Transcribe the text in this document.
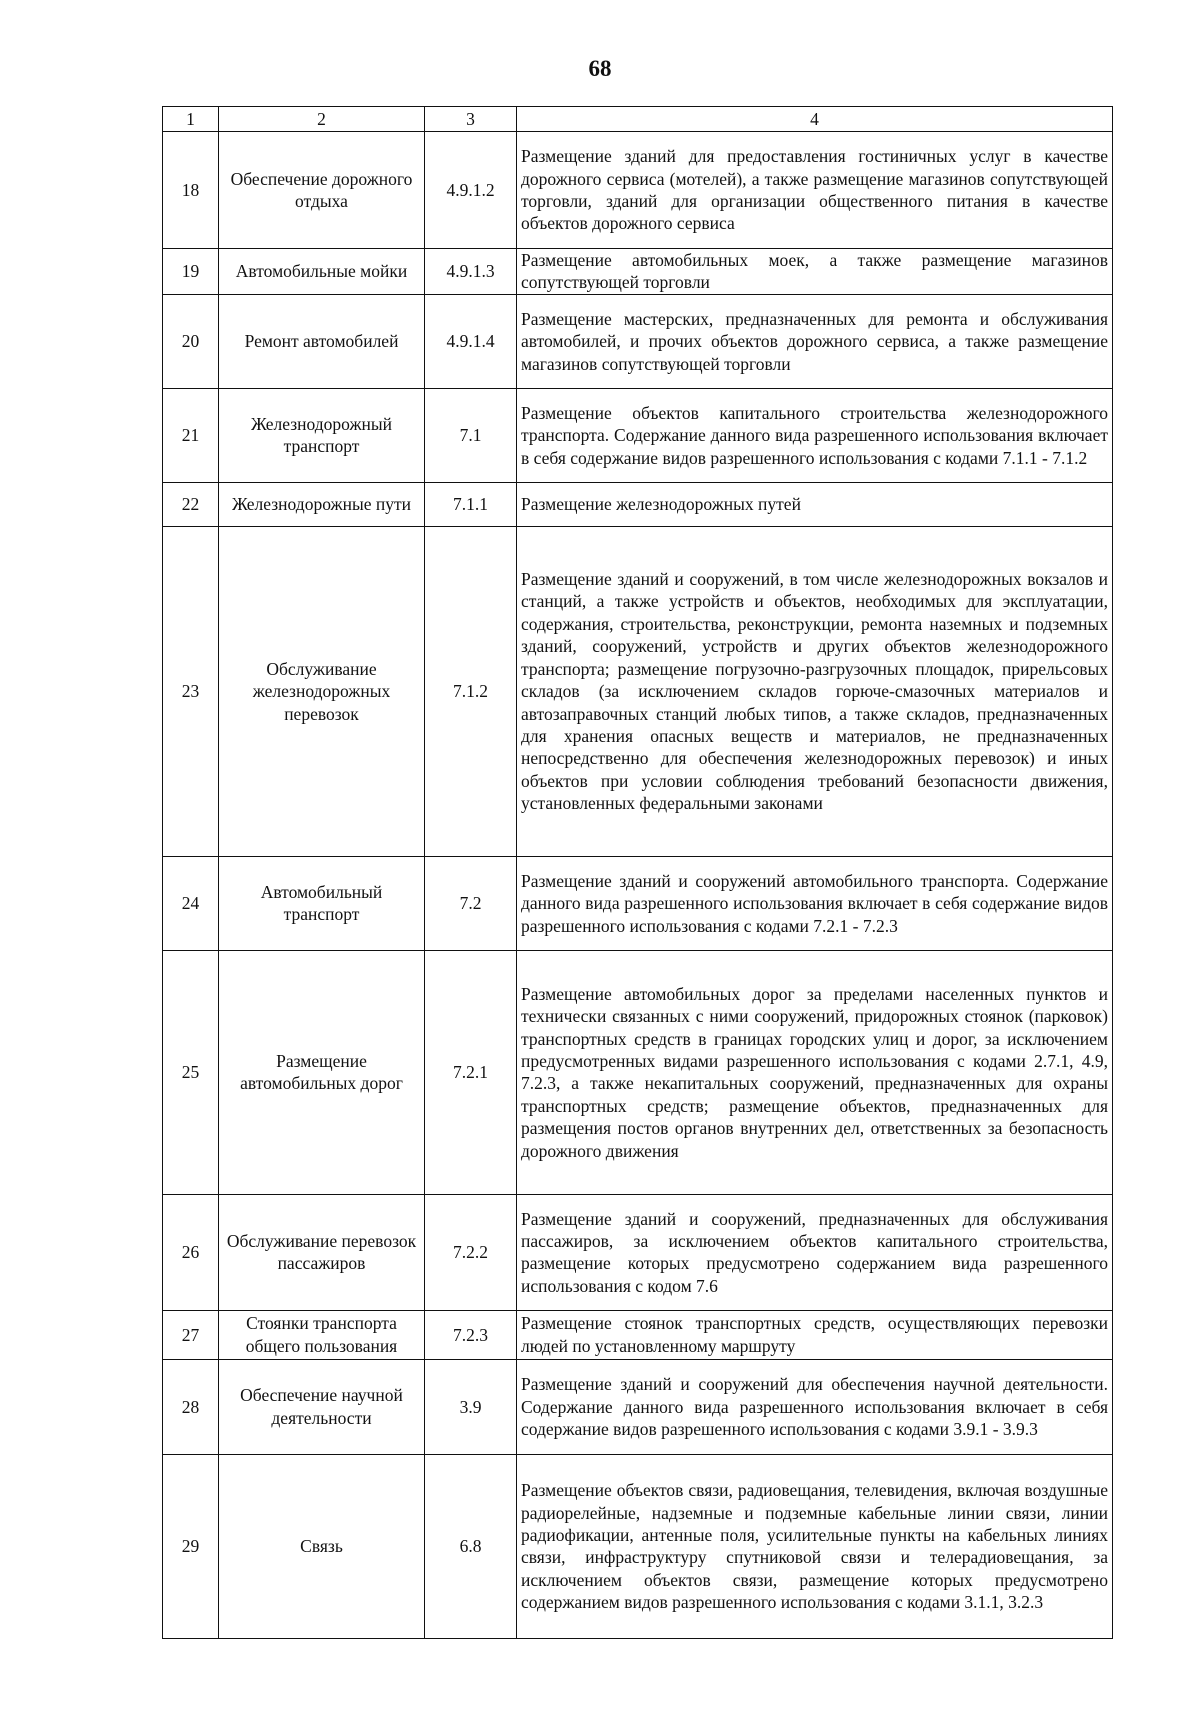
68
1	2	3	4
18	Обеспечение дорожного отдыха	4.9.1.2	Размещение зданий для предоставления гостиничных услуг в качестве дорожного сервиса (мотелей), а также размещение магазинов сопутствующей торговли, зданий для организации общественного питания в качестве объектов дорожного сервиса
19	Автомобильные мойки	4.9.1.3	Размещение автомобильных моек, а также размещение магазинов сопутствующей торговли
20	Ремонт автомобилей	4.9.1.4	Размещение мастерских, предназначенных для ремонта и обслуживания автомобилей, и прочих объектов дорожного сервиса, а также размещение магазинов сопутствующей торговли
21	Железнодорожный транспорт	7.1	Размещение объектов капитального строительства железнодорожного транспорта. Содержание данного вида разрешенного использования включает в себя содержание видов разрешенного использования с кодами 7.1.1 - 7.1.2
22	Железнодорожные пути	7.1.1	Размещение железнодорожных путей
23	Обслуживание железнодорожных перевозок	7.1.2	Размещение зданий и сооружений, в том числе железнодорожных вокзалов и станций, а также устройств и объектов, необходимых для эксплуатации, содержания, строительства, реконструкции, ремонта наземных и подземных зданий, сооружений, устройств и других объектов железнодорожного транспорта; размещение погрузочно-разгрузочных площадок, прирельсовых складов (за исключением складов горюче-смазочных материалов и автозаправочных станций любых типов, а также складов, предназначенных для хранения опасных веществ и материалов, не предназначенных непосредственно для обеспечения железнодорожных перевозок) и иных объектов при условии соблюдения требований безопасности движения, установленных федеральными законами
24	Автомобильный транспорт	7.2	Размещение зданий и сооружений автомобильного транспорта. Содержание данного вида разрешенного использования включает в себя содержание видов разрешенного использования с кодами 7.2.1 - 7.2.3
25	Размещение автомобильных дорог	7.2.1	Размещение автомобильных дорог за пределами населенных пунктов и технически связанных с ними сооружений, придорожных стоянок (парковок) транспортных средств в границах городских улиц и дорог, за исключением предусмотренных видами разрешенного использования с кодами 2.7.1, 4.9, 7.2.3, а также некапитальных сооружений, предназначенных для охраны транспортных средств; размещение объектов, предназначенных для размещения постов органов внутренних дел, ответственных за безопасность дорожного движения
26	Обслуживание перевозок пассажиров	7.2.2	Размещение зданий и сооружений, предназначенных для обслуживания пассажиров, за исключением объектов капитального строительства, размещение которых предусмотрено содержанием вида разрешенного использования с кодом 7.6
27	Стоянки транспорта общего пользования	7.2.3	Размещение стоянок транспортных средств, осуществляющих перевозки людей по установленному маршруту
28	Обеспечение научной деятельности	3.9	Размещение зданий и сооружений для обеспечения научной деятельности. Содержание данного вида разрешенного использования включает в себя содержание видов разрешенного использования с кодами 3.9.1 - 3.9.3
29	Связь	6.8	Размещение объектов связи, радиовещания, телевидения, включая воздушные радиорелейные, надземные и подземные кабельные линии связи, линии радиофикации, антенные поля, усилительные пункты на кабельных линиях связи, инфраструктуру спутниковой связи и телерадиовещания, за исключением объектов связи, размещение которых предусмотрено содержанием видов разрешенного использования с кодами 3.1.1, 3.2.3
